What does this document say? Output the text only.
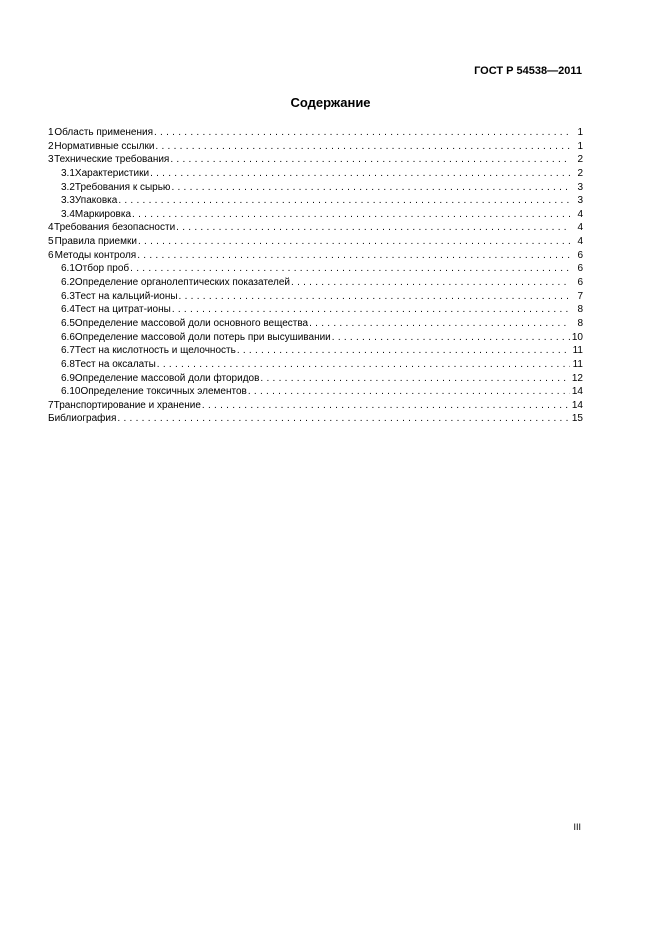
ГОСТ Р 54538—2011
Содержание
1 Область применения . . .	1
2 Нормативные ссылки . . .	1
3 Технические требования . . .	2
3.1 Характеристики . . .	2
3.2 Требования к сырью . . .	3
3.3 Упаковка . . .	3
3.4 Маркировка . . .	4
4 Требования безопасности . . .	4
5 Правила приемки . . .	4
6 Методы контроля . . .	6
6.1 Отбор проб . . .	6
6.2 Определение органолептических показателей . . .	6
6.3 Тест на кальций-ионы . . .	7
6.4 Тест на цитрат-ионы . . .	8
6.5 Определение массовой доли основного вещества . . .	8
6.6 Определение массовой доли потерь при высушивании . . .	10
6.7 Тест на кислотность и щелочность . . .	11
6.8 Тест на оксалаты . . .	11
6.9 Определение массовой доли фторидов . . .	12
6.10 Определение токсичных элементов . . .	14
7 Транспортирование и хранение . . .	14
Библиография . . .	15
III
